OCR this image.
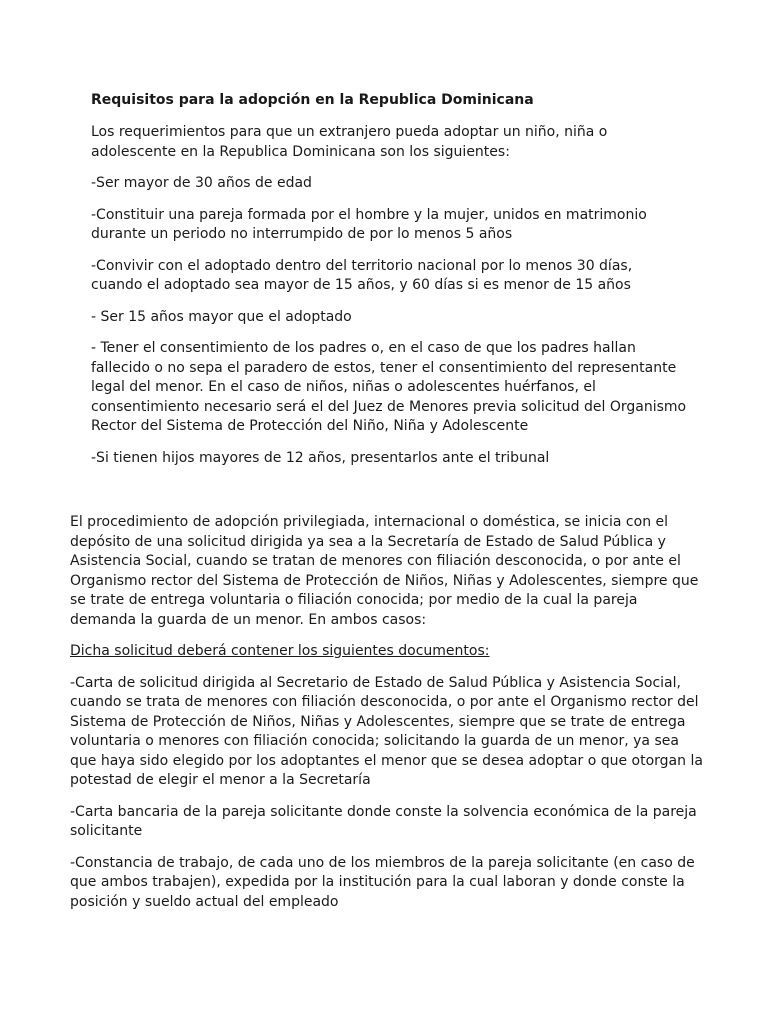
Requisitos para la adopción en la Republica Dominicana

Los requerimientos para que un extranjero pueda adoptar un niño, niña o
adolescente en la Republica Dominicana son los siguientes:

-Ser mayor de 30 años de edad

-Constituir una pareja formada por el hombre y la mujer, unidos en matrimonio
durante un periodo no interrumpido de por lo menos 5 años

-Convivir con el adoptado dentro del territorio nacional por lo menos 30 días,
cuando el adoptado sea mayor de 15 años, y 60 días si es menor de 15 años

- Ser 15 años mayor que el adoptado

- Tener el consentimiento de los padres o, en el caso de que los padres hallan
fallecido o no sepa el paradero de estos, tener el consentimiento del representante
legal del menor. En el caso de niños, niñas o adolescentes huérfanos, el
consentimiento necesario será el del Juez de Menores previa solicitud del Organismo
Rector del Sistema de Protección del Niño, Niña y Adolescente

-Si tienen hijos mayores de 12 años, presentarlos ante el tribunal

El procedimiento de adopción privilegiada, internacional o doméstica, se inicia con el
depósito de una solicitud dirigida ya sea a la Secretaría de Estado de Salud Pública y
Asistencia Social, cuando se tratan de menores con filiación desconocida, o por ante el
Organismo rector del Sistema de Protección de Niños, Niñas y Adolescentes, siempre que
se trate de entrega voluntaria o filiación conocida; por medio de la cual la pareja
demanda la guarda de un menor. En ambos casos:

Dicha solicitud deberá contener los siguientes documentos:

-Carta de solicitud dirigida al Secretario de Estado de Salud Pública y Asistencia Social,
cuando se trata de menores con filiación desconocida, o por ante el Organismo rector del
Sistema de Protección de Niños, Niñas y Adolescentes, siempre que se trate de entrega
voluntaria o menores con filiación conocida; solicitando la guarda de un menor, ya sea
que haya sido elegido por los adoptantes el menor que se desea adoptar o que otorgan la
potestad de elegir el menor a la Secretaría

-Carta bancaria de la pareja solicitante donde conste la solvencia económica de la pareja
solicitante

-Constancia de trabajo, de cada uno de los miembros de la pareja solicitante (en caso de
que ambos trabajen), expedida por la institución para la cual laboran y donde conste la
posición y sueldo actual del empleado
